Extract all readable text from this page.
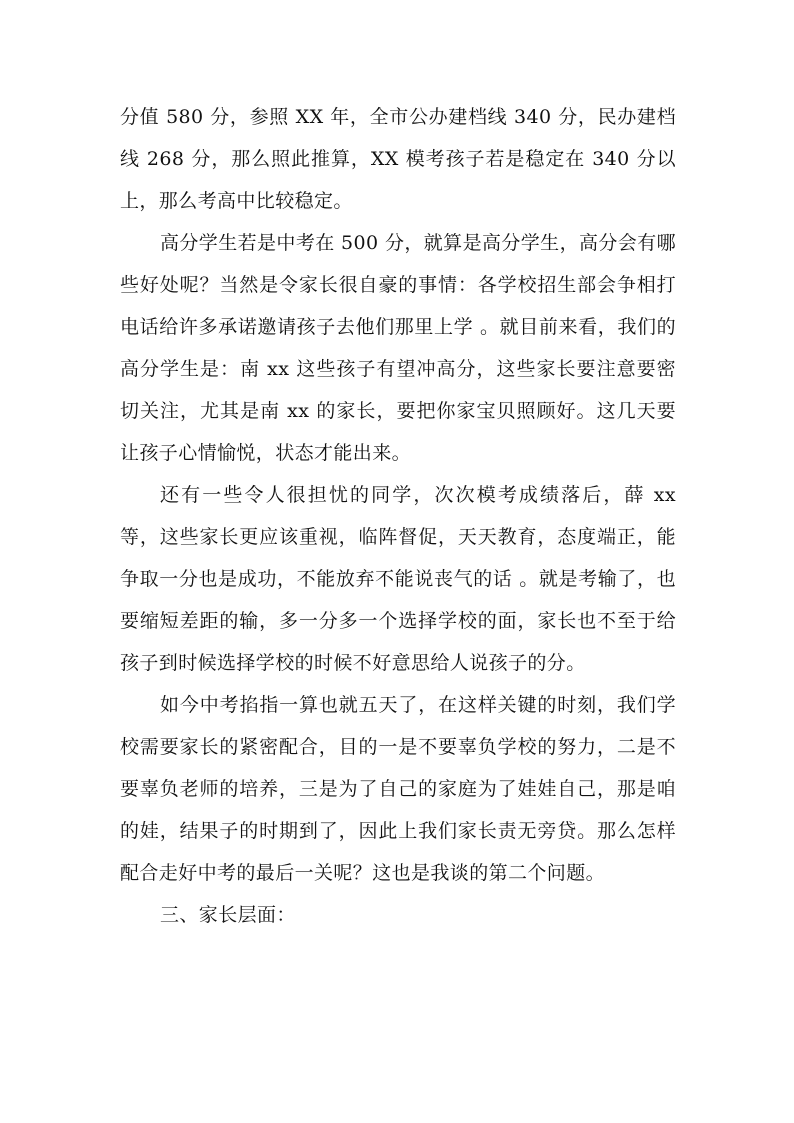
分值 580 分，参照 XX 年，全市公办建档线 340 分，民办建档线 268 分，那么照此推算，XX 模考孩子若是稳定在 340 分以上，那么考高中比较稳定。

高分学生若是中考在 500 分，就算是高分学生，高分会有哪些好处呢？当然是令家长很自豪的事情：各学校招生部会争相打电话给许多承诺邀请孩子去他们那里上学 。就目前来看，我们的高分学生是：南 xx 这些孩子有望冲高分，这些家长要注意要密切关注，尤其是南 xx 的家长，要把你家宝贝照顾好。这几天要让孩子心情愉悦，状态才能出来。

还有一些令人很担忧的同学，次次模考成绩落后，薛 xx 等，这些家长更应该重视，临阵督促，天天教育，态度端正，能争取一分也是成功，不能放弃不能说丧气的话 。就是考输了，也要缩短差距的输，多一分多一个选择学校的面，家长也不至于给孩子到时候选择学校的时候不好意思给人说孩子的分。

如今中考掐指一算也就五天了，在这样关键的时刻，我们学校需要家长的紧密配合，目的一是不要辜负学校的努力，二是不要辜负老师的培养，三是为了自己的家庭为了娃娃自己，那是咱的娃，结果子的时期到了，因此上我们家长责无旁贷。那么怎样配合走好中考的最后一关呢？这也是我谈的第二个问题。

三、家长层面：
